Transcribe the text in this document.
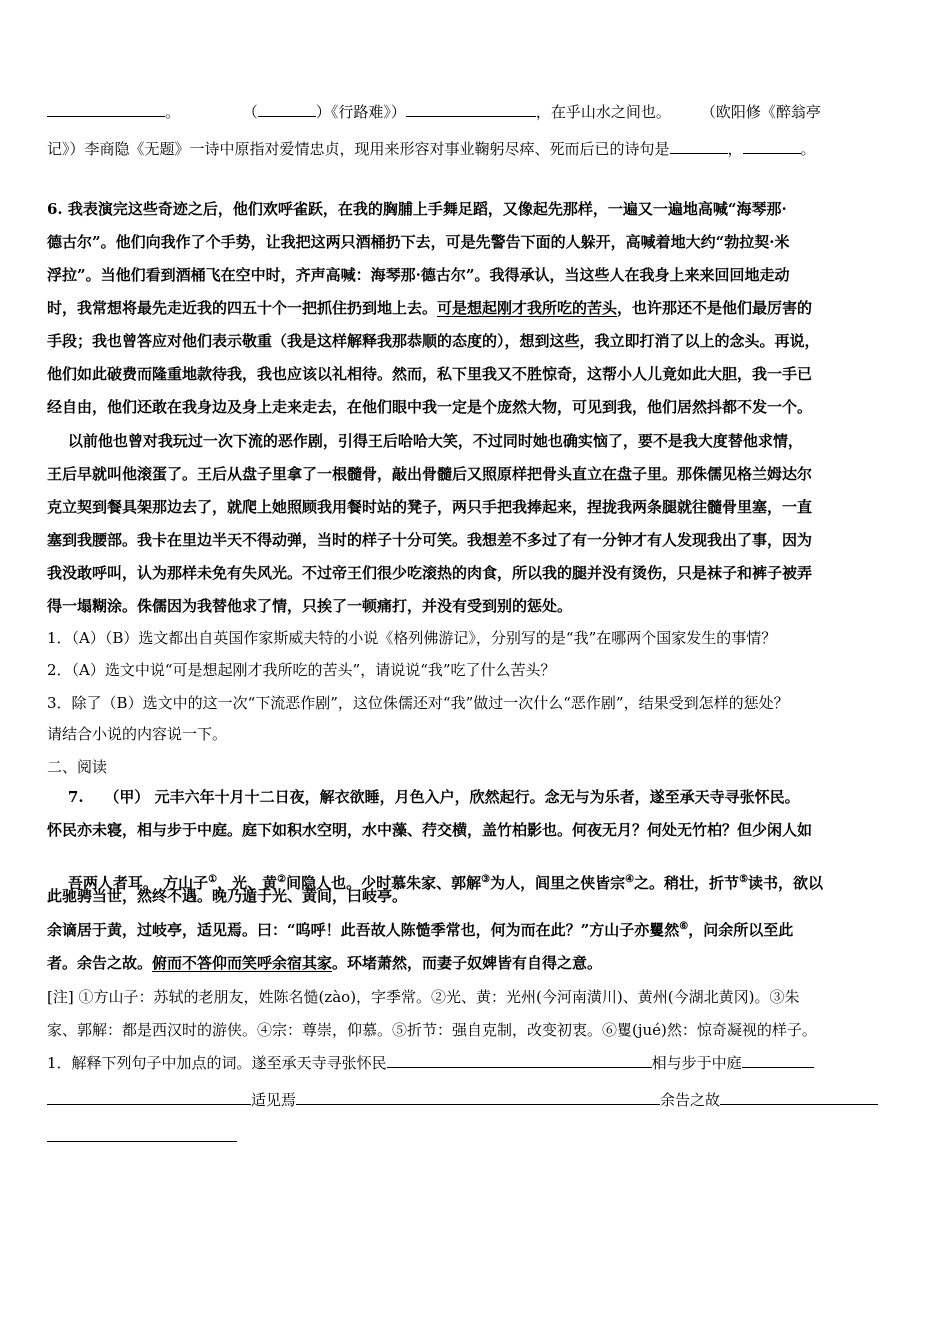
。	（	）《行路难》）	，在乎山水之间也。 （欧阳修《醉翁亭
记》）李商隐《无题》一诗中原指对爱情忠贞，现用来形容对事业鞠躬尽瘁、死而后已的诗句是	，	。
6. 我表演完这些奇迹之后，他们欢呼雀跃，在我的胸脯上手舞足蹈，又像起先那样，一遍又一遍地高喊“海琴那·
德古尔”。他们向我作了个手势，让我把这两只酒桶扔下去，可是先警告下面的人躲开，高喊着地大约“勃拉契·米
浮拉”。当他们看到酒桶飞在空中时，齐声高喊：海琴那·德古尔”。我得承认，当这些人在我身上来来回回地走动
时，我常想将最先走近我的四五十个一把抓住扔到地上去。可是想起刚才我所吃的苦头，也许那还不是他们最厉害的
手段；我也曾答应对他们表示敬重（我是这样解释我那恭顺的态度的），想到这些，我立即打消了以上的念头。再说，
他们如此破费而隆重地款待我，我也应该以礼相待。然而，私下里我又不胜惊奇，这帮小人儿竟如此大胆，我一手已
经自由，他们还敢在我身边及身上走来走去，在他们眼中我一定是个庞然大物，可见到我，他们居然抖都不发一个。
以前他也曾对我玩过一次下流的恶作剧，引得王后哈哈大笑，不过同时她也确实恼了，要不是我大度替他求情，
王后早就叫他滚蛋了。王后从盘子里拿了一根髓骨，敲出骨髓后又照原样把骨头直立在盘子里。那侏儒见格兰姆达尔
克立契到餐具架那边去了，就爬上她照顾我用餐时站的凳子，两只手把我捧起来，捏拢我两条腿就往髓骨里塞，一直
塞到我腰部。我卡在里边半天不得动弹，当时的样子十分可笑。我想差不多过了有一分钟才有人发现我出了事，因为
我没敢呼叫，认为那样未免有失风光。不过帝王们很少吃滚热的肉食，所以我的腿并没有烫伤，只是袜子和裤子被弄
得一塌糊涂。侏儒因为我替他求了情，只挨了一顿痛打，并没有受到别的惩处。
1．（A）（B）选文都出自英国作家斯威夫特的小说《格列佛游记》，分别写的是“我”在哪两个国家发生的事情？
2．（A）选文中说“可是想起刚才我所吃的苦头”，请说说“我”吃了什么苦头？
3．除了（B）选文中的这一次“下流恶作剧”，这位侏儒还对“我”做过一次什么“恶作剧”，结果受到怎样的惩处？
请结合小说的内容说一下。
二、阅读
7.    （甲） 元丰六年十月十二日夜，解衣欲睡，月色入户，欣然起行。念无与为乐者，遂至承天寺寻张怀民。
怀民亦未寝，相与步于中庭。庭下如积水空明，水中藻、荇交横，盖竹柏影也。何夜无月？何处无竹柏？但少闲人如

吾两人者耳。 方山子①，光、黄②间隐人也。少时慕朱家、郭解③为人，闾里之侠皆宗④之。稍壮，折节⑤读书，欲以

此驰骋当世，然终不遇。晚乃遁于光、黄间，曰岐亭。
余谪居于黄，过岐亭，适见焉。曰：“呜呼！此吾故人陈慥季常也，何为而在此？”方山子亦矍然⑥，问余所以至此
者。余告之故。俯而不答仰而笑呼余宿其家。环堵萧然，而妻子奴婢皆有自得之意。
[注] ①方山子：苏轼的老朋友，姓陈名慥(zào)，字季常。②光、黄：光州(今河南潢川)、黄州(今湖北黄冈)。③朱
家、郭解：都是西汉时的游侠。④宗：尊崇，仰慕。⑤折节：强自克制，改变初衷。⑥矍(jué)然：惊奇凝视的样子。
1．解释下列句子中加点的词。遂至承天寺寻张怀民	相与步于中庭
适见焉	余告之故
